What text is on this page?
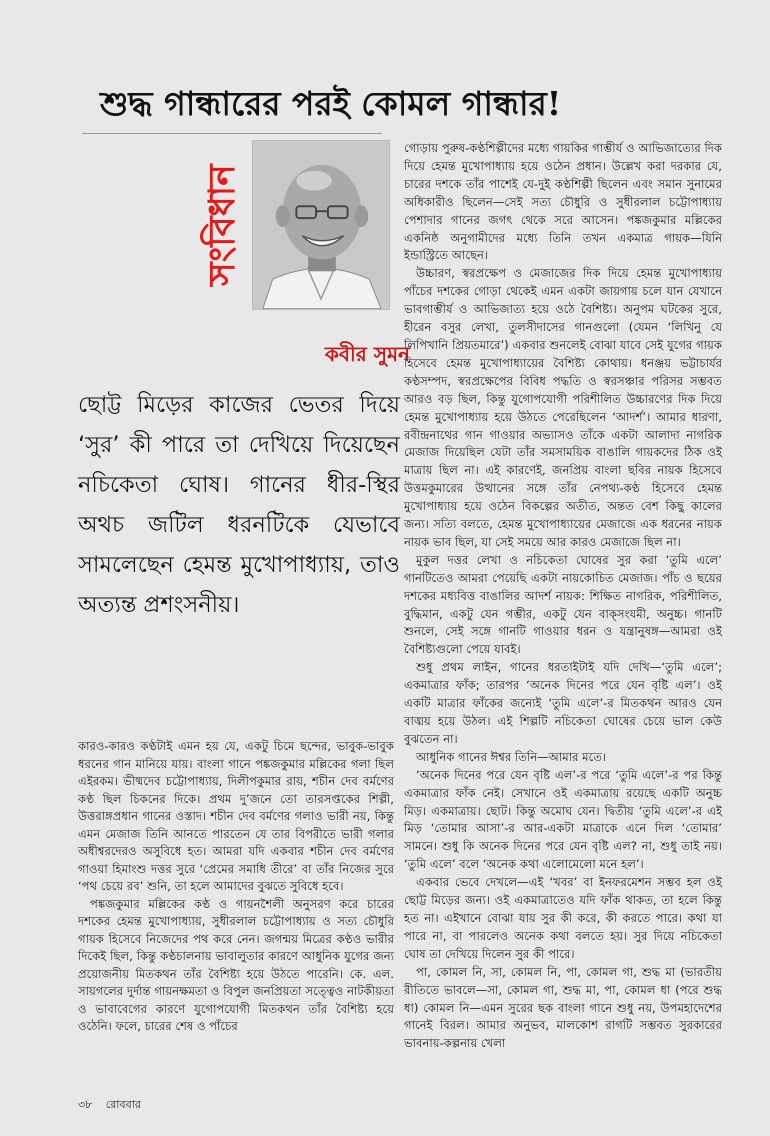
শুদ্ধ গান্ধারের পরই কোমল গান্ধার!
সংবিধান
কবীর সুমন
ছোট্ট মিড়ের কাজের ভেতর দিয়ে ‘সুর’ কী পারে তা দেখিয়ে দিয়েছেন নচিকেতা ঘোষ। গানের ধীর-স্থির অথচ জটিল ধরনটিকে যেভাবে সামলেছেন হেমন্ত মুখোপাধ্যায়, তাও অত্যন্ত প্রশংসনীয়।

কারও-কারও কণ্ঠটাই এমন হয় যে, একটু চিমে ছন্দের, ভাবুক-ভাবুক ধরনের গান মানিয়ে যায়। বাংলা গানে পঙ্কজকুমার মল্লিকের গলা ছিল এইরকম। ভীষ্মদেব চট্টোপাধ্যায়, দিলীপকুমার রায়, শচীন দেব বর্মণের কণ্ঠ ছিল চিকনের দিকে। প্রথম দু’জনে তো তারসপ্তকের শিল্পী, উত্তরাঙ্গপ্রধান গানের ওস্তাদ। শচীন দেব বর্মণের গলাও ভারী নয়, কিন্তু এমন মেজাজ তিনি আনতে পারতেন যে তার বিপরীতে ভারী গলার অধীশ্বরদেরও অসুবিধে হত। আমরা যদি একবার শচীন দেব বর্মণের গাওয়া হিমাংশু দত্তর সুরে ‘প্রেমের সমাধি তীরে’ বা তাঁর নিজের সুরে ‘পথ চেয়ে রব’ শুনি, তা হলে আমাদের বুঝতে সুবিধে হবে।

পঙ্কজকুমার মল্লিকের কণ্ঠ ও গায়নশৈলী অনুসরণ করে চারের দশকের হেমন্ত মুখোপাধ্যায়, সুধীরলাল চট্টোপাধ্যায় ও সত্য চৌধুরি গায়ক হিসেবে নিজেদের পথ করে নেন। জগন্ময় মিত্রের কণ্ঠও ভারীর দিকেই ছিল, কিন্তু কণ্ঠচালনায় ভাবালুতার কারণে আধুনিক যুগের জন্য প্রয়োজনীয় মিতকথন তাঁর বৈশিষ্ট্য হয়ে উঠতে পারেনি। কে. এল. সায়গলের দুর্দান্ত গায়নক্ষমতা ও বিপুল জনপ্রিয়তা সত্ত্বেও নাটকীয়তা ও ভাবাবেগের কারণে যুগোপযোগী মিতকথন তাঁর বৈশিষ্ট্য হয়ে ওঠেনি। ফলে, চারের শেষ ও পাঁচের

গোড়ায় পুরুষ-কণ্ঠশিল্পীদের মধ্যে গায়কির গাম্ভীর্য ও আভিজাত্যের দিক দিয়ে হেমন্ত মুখোপাধ্যায় হয়ে ওঠেন প্রধান। উল্লেখ করা দরকার যে, চারের দশকে তাঁর পাশেই যে-দুই কণ্ঠশিল্পী ছিলেন এবং সমান সুনামের অধিকারীও ছিলেন—সেই সত্য চৌধুরি ও সুধীরলাল চট্টোপাধ্যায় পেশাদার গানের জগৎ থেকে সরে আসেন। পঙ্কজকুমার মল্লিকের একনিষ্ঠ অনুগামীদের মধ্যে তিনি তখন একমাত্র গায়ক—যিনি ইন্ডাস্ট্রিতে আছেন।

উচ্চারণ, স্বরপ্রক্ষেপ ও মেজাজের দিক দিয়ে হেমন্ত মুখোপাধ্যায় পাঁচের দশকের গোড়া থেকেই এমন একটা জায়গায় চলে যান যেখানে ভাবগাম্ভীর্য ও আভিজাত্য হয়ে ওঠে বৈশিষ্ট্য। অনুপম ঘটকের সুরে, হীরেন বসুর লেখা, তুলসীদাসের গানগুলো (যেমন ‘লিখিনু যে লিপিখানি প্রিয়তমারে’) একবার শুনলেই বোঝা যাবে সেই যুগের গায়ক হিসেবে হেমন্ত মুখোপাধ্যায়ের বৈশিষ্ট্য কোথায়। ধনঞ্জয় ভট্টাচার্যর কণ্ঠসম্পদ, স্বরপ্রক্ষেপের বিবিধ পদ্ধতি ও স্বরসঞ্চার পরিসর সম্ভবত আরও বড় ছিল, কিন্তু যুগোপযোগী পরিশীলিত উচ্চারণের দিক দিয়ে হেমন্ত মুখোপাধ্যায় হয়ে উঠতে পেরেছিলেন ‘আদর্শ’। আমার ধারণা, রবীন্দ্রনাথের গান গাওয়ার অভ্যাসও তাঁকে একটা আলাদা নাগরিক মেজাজ দিয়েছিল যেটা তাঁর সমসাময়িক বাঙালি গায়কদের ঠিক ওই মাত্রায় ছিল না। এই কারণেই, জনপ্রিয় বাংলা ছবির নায়ক হিসেবে উত্তমকুমারের উত্থানের সঙ্গে তাঁর নেপথ্য-কণ্ঠ হিসেবে হেমন্ত মুখোপাধ্যায় হয়ে ওঠেন বিকল্পের অতীত, অন্তত বেশ কিছু কালের জন্য। সত্যি বলতে, হেমন্ত মুখোপাধ্যায়ের মেজাজে এক ধরনের নায়ক নায়ক ভাব ছিল, যা সেই সময়ে আর কারও মেজাজে ছিল না।

মুকুল দত্তর লেখা ও নচিকেতা ঘোষের সুর করা ‘তুমি এলে’ গানটিতেও আমরা পেয়েছি একটা নায়কোচিত মেজাজ। পাঁচ ও ছয়ের দশকের মধ্যবিত্ত বাঙালির আদর্শ নায়ক: শিক্ষিত নাগরিক, পরিশীলিত, বুদ্ধিমান, একটু যেন গম্ভীর, একটু যেন বাক্‌সংযমী, অনুচ্চ। গানটি শুনলে, সেই সঙ্গে গানটি গাওয়ার ধরন ও যন্ত্রানুষঙ্গ—আমরা ওই বৈশিষ্ট্যগুলো পেয়ে যাবই।

শুধু প্রথম লাইন, গানের ধরতাইটাই যদি দেখি—‘তুমি এলে’; একমাত্রার ফাঁক; তারপর ‘অনেক দিনের পরে যেন বৃষ্টি এল’। ওই একটি মাত্রার ফাঁকের জন্যেই ‘তুমি এলে’-র মিতকথন আরও যেন বাঙ্ময় হয়ে উঠল। এই শিল্পটি নচিকেতা ঘোষের চেয়ে ভাল কেউ বুঝতেন না।

আধুনিক গানের ঈশ্বর তিনি—আমার মতে।

‘অনেক দিনের পরে যেন বৃষ্টি এল’-র পরে ‘তুমি এলে’-র পর কিন্তু একমাত্রার ফাঁক নেই। সেখানে ওই একমাত্রায় রয়েছে একটি অনুচ্চ মিড়। একমাত্রায়। ছোট। কিন্তু অমোঘ যেন। দ্বিতীয় ‘তুমি এলে’-র এই মিড় ‘তোমার আসা’-র আর-একটা মাত্রাকে এনে দিল ‘তোমার’ সামনে। শুধু কি অনেক দিনের পরে যেন বৃষ্টি এল? না, শুধু তাই নয়। ‘তুমি এলে’ বলে ‘অনেক কথা এলোমেলো মনে হল’।

একবার ভেবে দেখলে—এই ‘খবর’ বা ইনফরমেশন সম্ভব হল ওই ছোট্ট মিড়ের জন্য। ওই একমাত্রাতেও যদি ফাঁক থাকত, তা হলে কিন্তু হত না। এইখানে বোঝা যায় সুর কী করে, কী করতে পারে। কথা যা পারে না, বা পারলেও অনেক কথা বলতে হয়। সুর দিয়ে নচিকেতা ঘোষ তা দেখিয়ে দিলেন সুর কী পারে।

পা, কোমল নি, সা, কোমল নি, পা, কোমল গা, শুদ্ধ মা (ভারতীয় রীতিতে ভাবলে—সা, কোমল গা, শুদ্ধ মা, পা, কোমল ধা (পরে শুদ্ধ ধা) কোমল নি—এমন সুরের ছক বাংলা গানে শুধু নয়, উপমহাদেশের গানেই বিরল। আমার অনুভব, মালকোশ রাগটি সম্ভবত সুরকারের ভাবনায়-কল্পনায় খেলা

৩৮ রোববার
